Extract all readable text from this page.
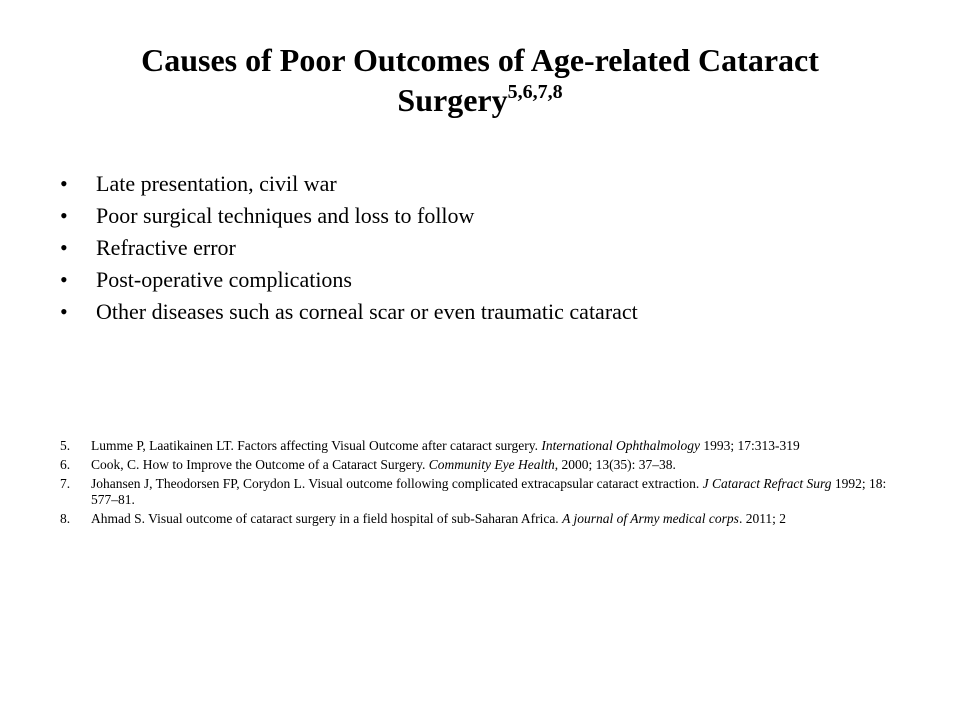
Causes of Poor Outcomes of Age-related Cataract Surgery$^{5,6,7,8}$
•	Late presentation, civil war
•	Poor surgical techniques and loss to follow
•	Refractive error
•	Post-operative complications
•	Other diseases such as corneal scar or even traumatic cataract
5.	Lumme P, Laatikainen LT. Factors affecting Visual Outcome after cataract surgery. International Ophthalmology 1993; 17:313-319
6.	Cook, C. How to Improve the Outcome of a Cataract Surgery. Community Eye Health, 2000; 13(35): 37–38.
7.	Johansen J, Theodorsen FP, Corydon L. Visual outcome following complicated extracapsular cataract extraction. J Cataract Refract Surg 1992; 18: 577–81.
8.	Ahmad S. Visual outcome of cataract surgery in a field hospital of sub-Saharan Africa. A journal of Army medical corps. 2011; 2
